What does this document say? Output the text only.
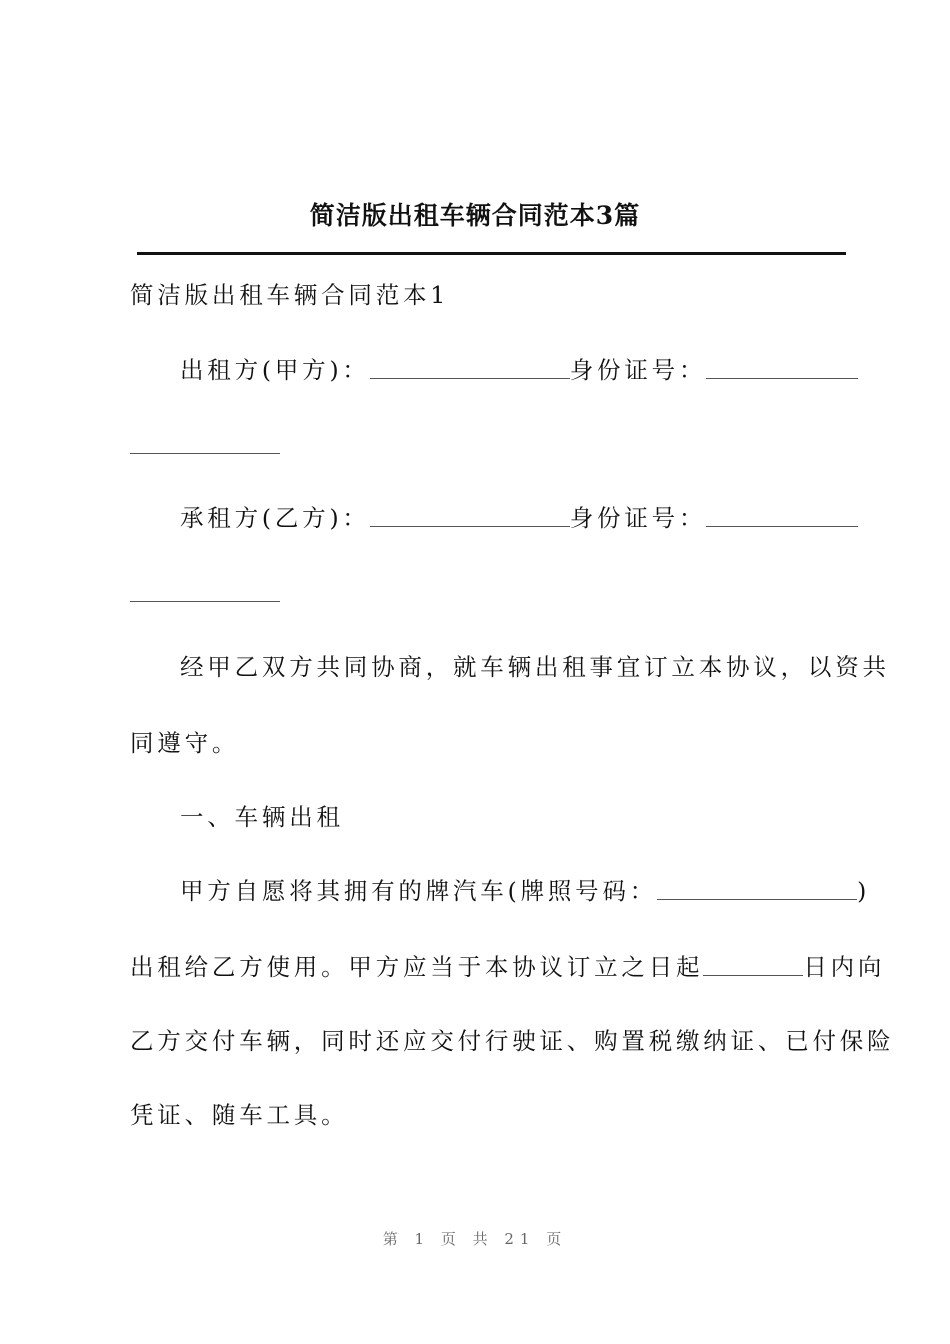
简洁版出租车辆合同范本3篇
简洁版出租车辆合同范本1
出租方(甲方)：	身份证号：
承租方(乙方)：	身份证号：
经甲乙双方共同协商，就车辆出租事宜订立本协议，以资共
同遵守。
一、车辆出租
甲方自愿将其拥有的牌汽车(牌照号码：	)
出租给乙方使用。甲方应当于本协议订立之日起	日内向
乙方交付车辆，同时还应交付行驶证、购置税缴纳证、已付保险
凭证、随车工具。
第 1 页 共 21 页
